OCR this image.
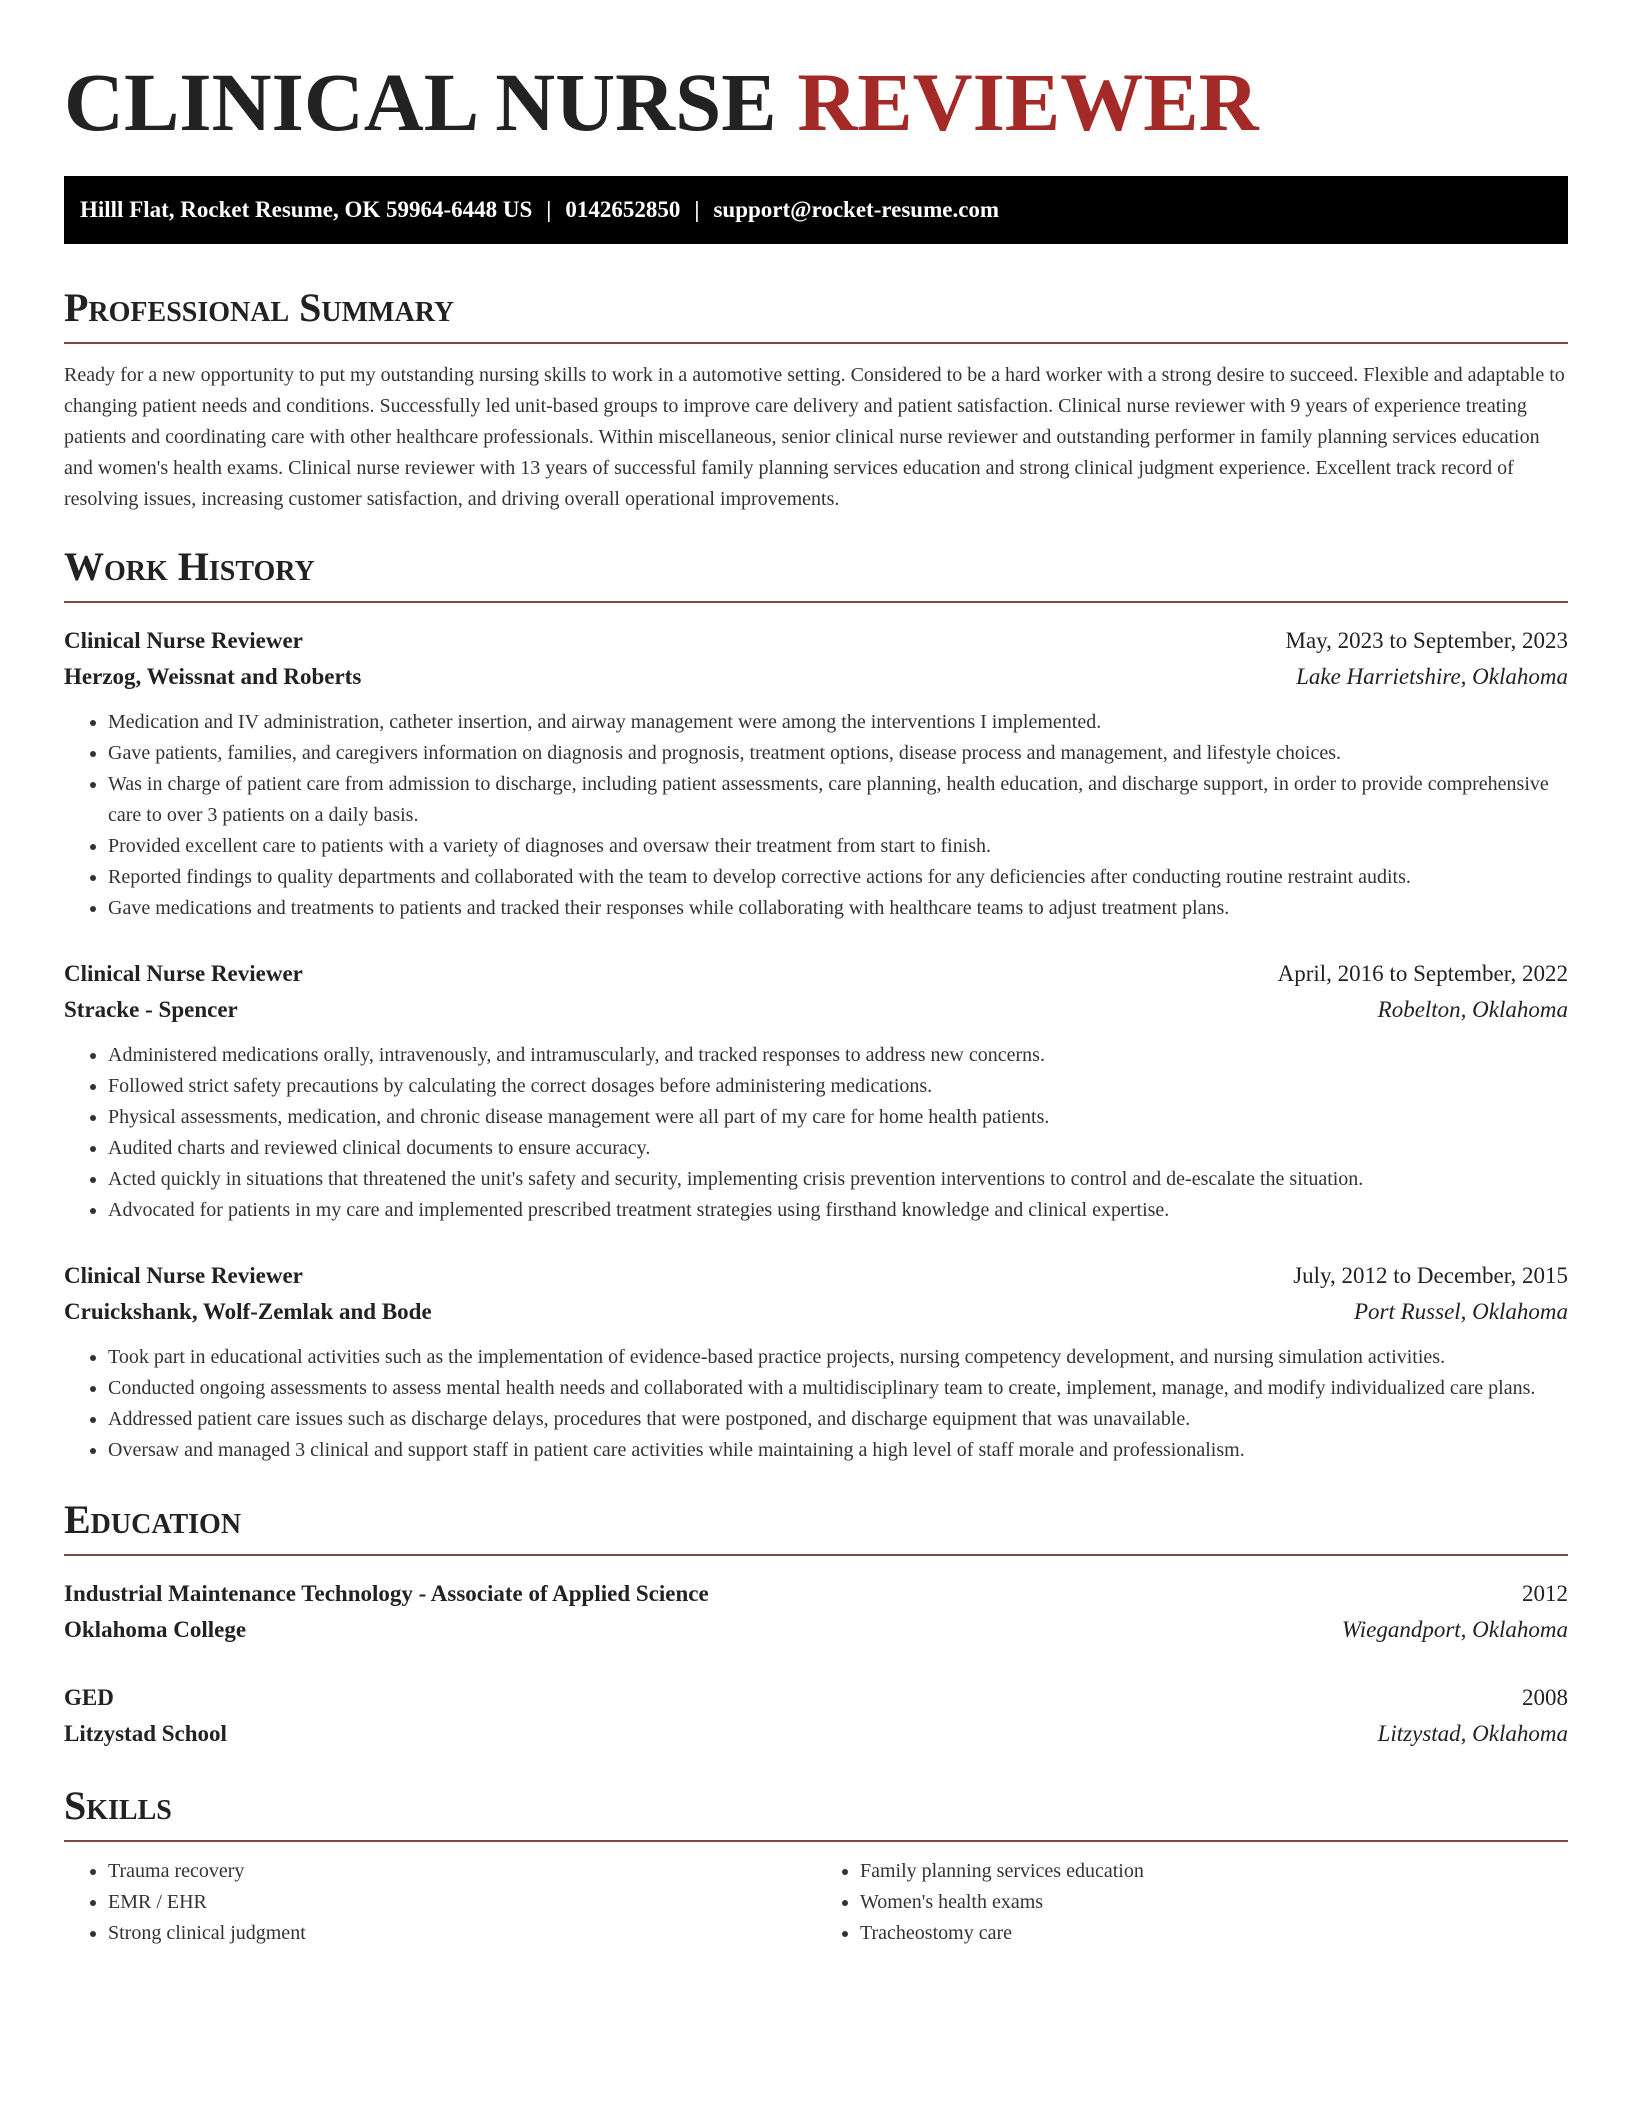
CLINICAL NURSE REVIEWER
Hilll Flat, Rocket Resume, OK 59964-6448 US | 0142652850 | support@rocket-resume.com
Professional Summary

Ready for a new opportunity to put my outstanding nursing skills to work in a automotive setting. Considered to be a hard worker with a strong desire to succeed. Flexible and adaptable to changing patient needs and conditions. Successfully led unit-based groups to improve care delivery and patient satisfaction. Clinical nurse reviewer with 9 years of experience treating patients and coordinating care with other healthcare professionals. Within miscellaneous, senior clinical nurse reviewer and outstanding performer in family planning services education and women's health exams. Clinical nurse reviewer with 13 years of successful family planning services education and strong clinical judgment experience. Excellent track record of resolving issues, increasing customer satisfaction, and driving overall operational improvements.

Work History
Clinical Nurse Reviewer	May, 2023 to September, 2023
Herzog, Weissnat and Roberts	Lake Harrietshire, Oklahoma
• Medication and IV administration, catheter insertion, and airway management were among the interventions I implemented.
• Gave patients, families, and caregivers information on diagnosis and prognosis, treatment options, disease process and management, and lifestyle choices.
• Was in charge of patient care from admission to discharge, including patient assessments, care planning, health education, and discharge support, in order to provide comprehensive care to over 3 patients on a daily basis.
• Provided excellent care to patients with a variety of diagnoses and oversaw their treatment from start to finish.
• Reported findings to quality departments and collaborated with the team to develop corrective actions for any deficiencies after conducting routine restraint audits.
• Gave medications and treatments to patients and tracked their responses while collaborating with healthcare teams to adjust treatment plans.
Clinical Nurse Reviewer	April, 2016 to September, 2022
Stracke - Spencer	Robelton, Oklahoma
• Administered medications orally, intravenously, and intramuscularly, and tracked responses to address new concerns.
• Followed strict safety precautions by calculating the correct dosages before administering medications.
• Physical assessments, medication, and chronic disease management were all part of my care for home health patients.
• Audited charts and reviewed clinical documents to ensure accuracy.
• Acted quickly in situations that threatened the unit's safety and security, implementing crisis prevention interventions to control and de-escalate the situation.
• Advocated for patients in my care and implemented prescribed treatment strategies using firsthand knowledge and clinical expertise.
Clinical Nurse Reviewer	July, 2012 to December, 2015
Cruickshank, Wolf-Zemlak and Bode	Port Russel, Oklahoma
• Took part in educational activities such as the implementation of evidence-based practice projects, nursing competency development, and nursing simulation activities.
• Conducted ongoing assessments to assess mental health needs and collaborated with a multidisciplinary team to create, implement, manage, and modify individualized care plans.
• Addressed patient care issues such as discharge delays, procedures that were postponed, and discharge equipment that was unavailable.
• Oversaw and managed 3 clinical and support staff in patient care activities while maintaining a high level of staff morale and professionalism.
Education
Industrial Maintenance Technology - Associate of Applied Science	2012
Oklahoma College	Wiegandport, Oklahoma
GED	2008
Litzystad School	Litzystad, Oklahoma
Skills
• Trauma recovery
• EMR / EHR
• Strong clinical judgment
• Family planning services education
• Women's health exams
• Tracheostomy care
